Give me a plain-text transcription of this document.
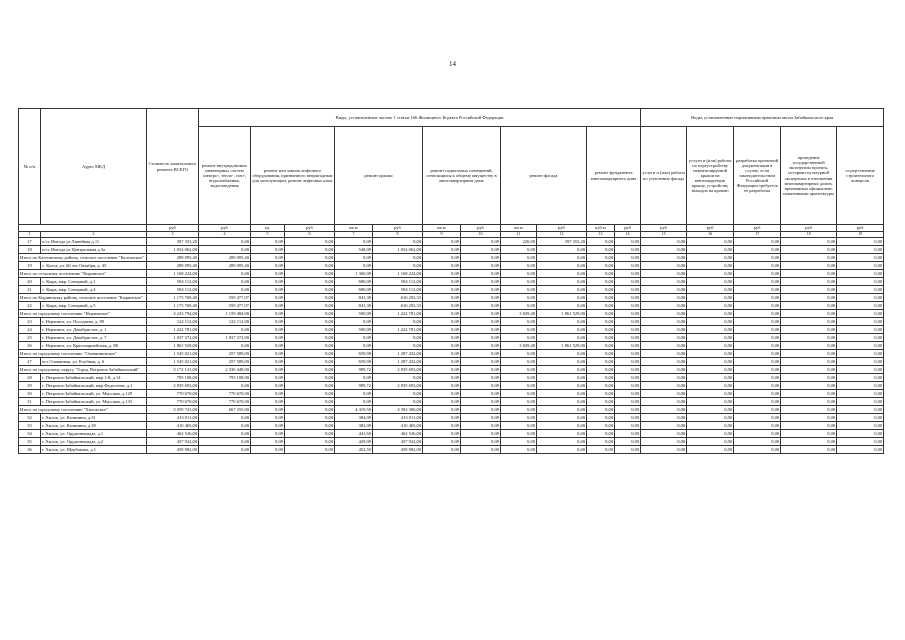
14
№ п/п	Адрес МКД	Стоимость капитального ремонта ВСЕГО	Виды, установленные частью 1 статьи 166 Жилищного Кодекса Российской Федерации											Виды, установленные нормативным правовым актом Забайкальского края				
			ремонт внутридомовых инженерных систем электро-, тепло-, газо-, водоснабжения, водоотведения	ремонт или замена лифтового оборудования, признанного непригодным для эксплуатации, ремонт лифтовых шахт		ремонт крыши		ремонт подвальных помещений, относящихся к общему имуществу в многоквартирном доме		ремонт фасада		ремонт фундамента многоквартирного дома		услуги и (или) работы по утеплению фасада	услуги и (или) работы по переустройству невентилируемой крыши на вентилируемую крышу, устройству выходов на кровлю	разработка проектной документации в случае, если законодательством Российской Федерации требуется ее разработка	проведение государственной экспертизы проекта, историко-культурной экспертизы в отношении многоквартирных домов, признанных официально памятниками архитектуры	осуществление строительного контроля
		руб	руб	ед.	руб	кв.м	руб	кв.м	руб	кв.м	руб	куб.м	руб	руб	руб	руб	руб	руб
1	2	3	4	5	6	7	8	9	10	11	12	13	14	15	16	17	18	19
17	п/ст Имгода ул.Линейная д.11	397 353,20	0,00	0,00	0,00	0,00	0,00	0,00	0,00	220,00	397 353,20	0,00	0,00	0,00	0,00	0,00	0,00	0,00
18	п/ст Имгода ул.Центральная д.3а	1 032 062,00	0,00	0,00	0,00	548,00	1 032 062,00	0,00	0,00	0,00	0,00	0,00	0,00	0,00	0,00	0,00	0,00	0,00
Итого по Калгинскому району, сельское поселение "Калганское"		289 095,40	289 095,40	0,00	0,00	0,00	0,00	0,00	0,00	0,00	0,00	0,00	0,00	0,00	0,00	0,00	0,00	0,00
19	с. Калга, ул. 60 лет Октября, д. 45	289 095,40	289 095,40	0,00	0,00	0,00	0,00	0,00	0,00	0,00	0,00	0,00	0,00	0,00	0,00	0,00	0,00	0,00
Итого по сельскому поселению "Кыринское"		1 168 224,00	0,00	0,00	0,00	1 360,00	1 168 224,00	0,00	0,00	0,00	0,00	0,00	0,00	0,00	0,00	0,00	0,00	0,00
20	с. Кыра, мкр. Северный, д.1	584 112,00	0,00	0,00	0,00	680,00	584 112,00	0,00	0,00	0,00	0,00	0,00	0,00	0,00	0,00	0,00	0,00	0,00
21	с. Кыра, мкр. Северный, д.4	584 112,00	0,00	0,00	0,00	680,00	584 112,00	0,00	0,00	0,00	0,00	0,00	0,00	0,00	0,00	0,00	0,00	0,00
Итого по Кыринскому району, сельское поселение "Кыринское"		1 175 769,40	559 477,07	0,00	0,00	841,30	616 292,33	0,00	0,00	0,00	0,00	0,00	0,00	0,00	0,00	0,00	0,00	0,00
22	с. Кыра, мкр. Северный, д.5	1 175 769,40	559 477,07	0,00	0,00	841,30	616 292,33	0,00	0,00	0,00	0,00	0,00	0,00	0,00	0,00	0,00	0,00	0,00
Итого по городскому поселению "Нерчинское"		4 243 794,00	1 159 484,00	0,00	0,00	500,09	1 222 781,00	0,00	0,00	3 829,40	1 861 529,00	0,00	0,00	0,00	0,00	0,00	0,00	0,00
23	г. Нерчинск, ул. Погодаева, д. 89	122 112,00	122 112,00	0,00	0,00	0,00	0,00	0,00	0,00	0,00	0,00	0,00	0,00	0,00	0,00	0,00	0,00	0,00
24	г. Нерчинск, ул. Декабристов, д. 1	1 222 781,00	0,00	0,00	0,00	500,09	1 222 781,00	0,00	0,00	0,00	0,00	0,00	0,00	0,00	0,00	0,00	0,00	0,00
25	г. Нерчинск, ул. Декабристов, д. 7	1 037 372,00	1 037 372,00	0,00	0,00	0,00	0,00	0,00	0,00	0,00	0,00	0,00	0,00	0,00	0,00	0,00	0,00	0,00
26	г. Нерчинск, ул. Красноармейская, д. 88	1 861 529,00	0,00	0,00	0,00	0,00	0,00	0,00	0,00	3 829,40	1 861 529,00	0,00	0,00	0,00	0,00	0,00	0,00	0,00
Итого по городскому поселению "Оловяннинское"		1 545 021,00	257 589,00	0,00	0,00	659,98	1 287 432,00	0,00	0,00	0,00	0,00	0,00	0,00	0,00	0,00	0,00	0,00	0,00
27	пгт Оловянная, ул. Клубная, д. 6	1 545 021,00	257 589,00	0,00	0,00	659,98	1 287 432,00	0,00	0,00	0,00	0,00	0,00	0,00	0,00	0,00	0,00	0,00	0,00
Итого по городскому округу "Город Петровск-Забайкальский"		5 172 141,00	2 336 448,00	0,00	0,00	989,72	2 835 693,00	0,00	0,00	0,00	0,00	0,00	0,00	0,00	0,00	0,00	0,00	0,00
28	г. Петровск-Забайкальский, мкр 1-й, д.14	795 108,00	795 108,00	0,00	0,00	0,00	0,00	0,00	0,00	0,00	0,00	0,00	0,00	0,00	0,00	0,00	0,00	0,00
29	г. Петровск-Забайкальский, мкр Федосеева, д.1	2 835 693,00	0,00	0,00	0,00	989,72	2 835 693,00	0,00	0,00	0,00	0,00	0,00	0,00	0,00	0,00	0,00	0,00	0,00
30	г. Петровск-Забайкальский, ул. Мысовая, д.129	770 670,00	770 670,00	0,00	0,00	0,00	0,00	0,00	0,00	0,00	0,00	0,00	0,00	0,00	0,00	0,00	0,00	0,00
31	г. Петровск-Забайкальский, ул. Мысовая, д.133	770 670,00	770 670,00	0,00	0,00	0,00	0,00	0,00	0,00	0,00	0,00	0,00	0,00	0,00	0,00	0,00	0,00	0,00
Итого по городскому поселению "Хилокское"		5 059 741,00	667 355,00	0,00	0,00	4 419,50	4 392 386,00	0,00	0,00	0,00	0,00	0,00	0,00	0,00	0,00	0,00	0,00	0,00
32	г. Хилок, ул. Калинина, д.31	413 011,00	0,00	0,00	0,00	384,00	413 011,00	0,00	0,00	0,00	0,00	0,00	0,00	0,00	0,00	0,00	0,00	0,00
33	г. Хилок, ул. Калинина, д.38	410 465,00	0,00	0,00	0,00	382,00	410 465,00	0,00	0,00	0,00	0,00	0,00	0,00	0,00	0,00	0,00	0,00	0,00
34	г. Хилок, ул. Орджоникидзе, д.1	462 526,00	0,00	0,00	0,00	441,60	462 526,00	0,00	0,00	0,00	0,00	0,00	0,00	0,00	0,00	0,00	0,00	0,00
35	г. Хилок, ул. Орджоникидзе, д.2	437 922,00	0,00	0,00	0,00	429,00	437 922,00	0,00	0,00	0,00	0,00	0,00	0,00	0,00	0,00	0,00	0,00	0,00
36	г. Хилок, ул. Щербакова, д.1	458 982,00	0,00	0,00	0,00	452,50	458 982,00	0,00	0,00	0,00	0,00	0,00	0,00	0,00	0,00	0,00	0,00	0,00
